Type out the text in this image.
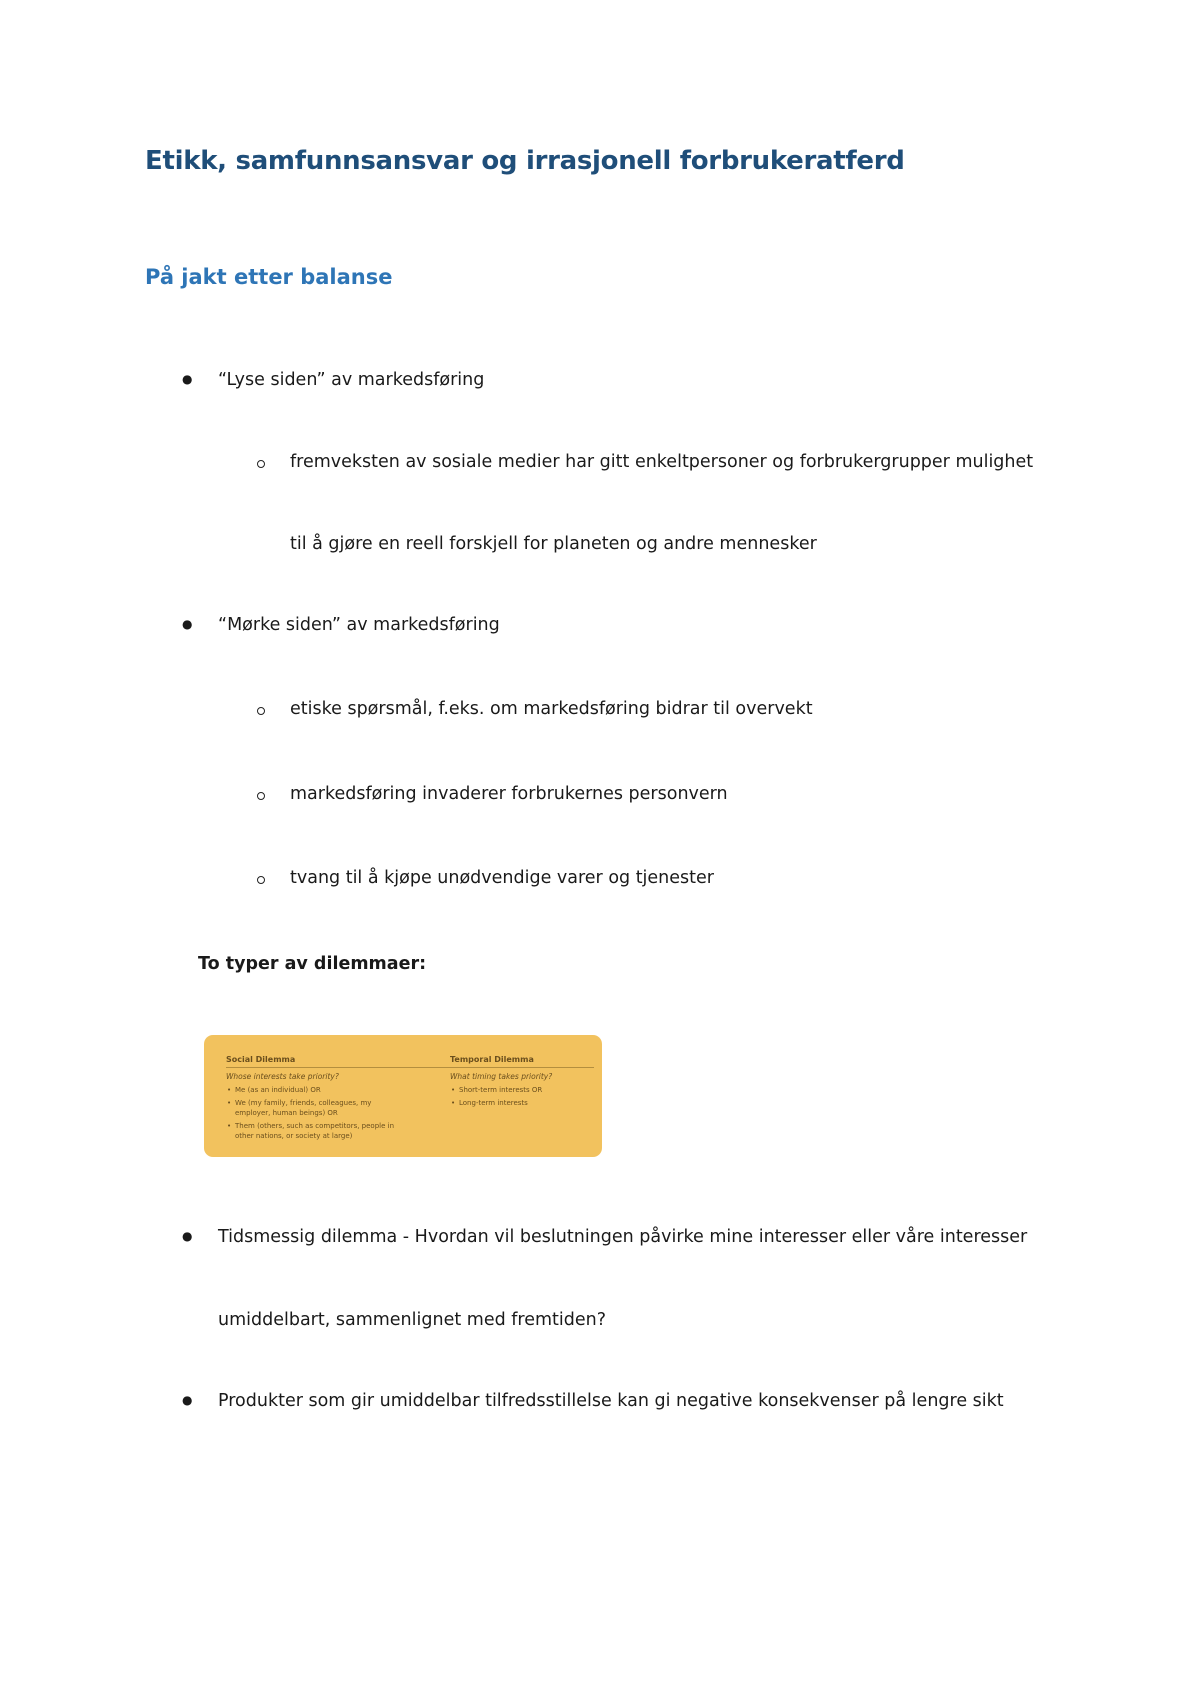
Etikk, samfunnsansvar og irrasjonell forbrukeratferd
På jakt etter balanse
● “Lyse siden” av markedsføring
fremveksten av sosiale medier har gitt enkeltpersoner og forbrukergrupper mulighet
til å gjøre en reell forskjell for planeten og andre mennesker
● “Mørke siden” av markedsføring
etiske spørsmål, f.eks. om markedsføring bidrar til overvekt
markedsføring invaderer forbrukernes personvern
tvang til å kjøpe unødvendige varer og tjenester
To typer av dilemmaer:
Social Dilemma	Temporal Dilemma
Whose interests take priority?	What timing takes priority?
• Me (as an individual) OR
• We (my family, friends, colleagues, my employer, human beings) OR
• Them (others, such as competitors, people in other nations, or society at large)
• Short-term interests OR
• Long-term interests
● Tidsmessig dilemma - Hvordan vil beslutningen påvirke mine interesser eller våre interesser
umiddelbart, sammenlignet med fremtiden?
● Produkter som gir umiddelbar tilfredsstillelse kan gi negative konsekvenser på lengre sikt
